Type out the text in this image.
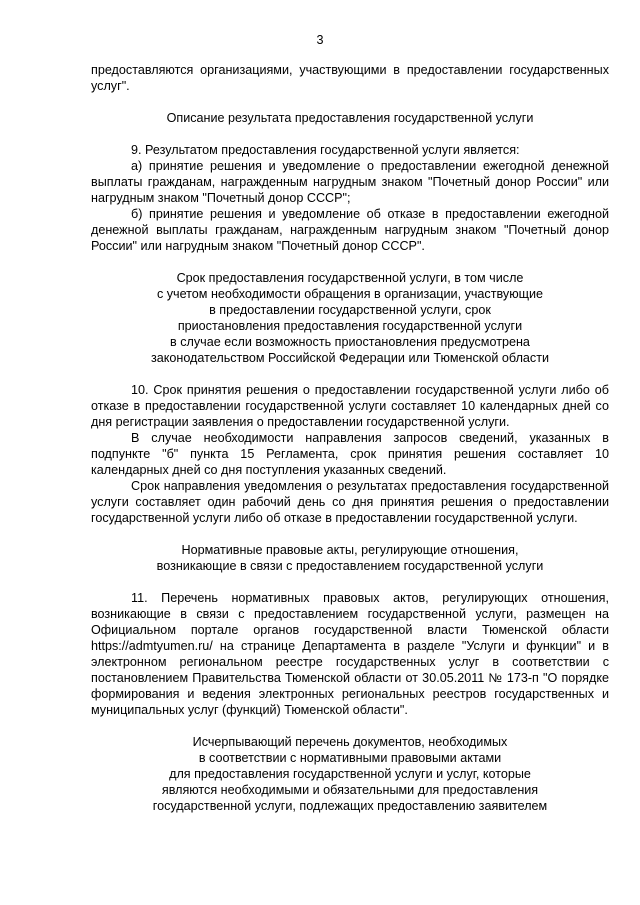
3
предоставляются организациями, участвующими в предоставлении государственных услуг".
Описание результата предоставления государственной услуги
9. Результатом предоставления государственной услуги является:
а) принятие решения и уведомление о предоставлении ежегодной денежной выплаты гражданам, награжденным нагрудным знаком "Почетный донор России" или нагрудным знаком "Почетный донор СССР";
б) принятие решения и уведомление об отказе в предоставлении ежегодной денежной выплаты гражданам, награжденным нагрудным знаком "Почетный донор России" или нагрудным знаком "Почетный донор СССР".
Срок предоставления государственной услуги, в том числе
с учетом необходимости обращения в организации, участвующие
в предоставлении государственной услуги, срок
приостановления предоставления государственной услуги
в случае если возможность приостановления предусмотрена
законодательством Российской Федерации или Тюменской области
10. Срок принятия решения о предоставлении государственной услуги либо об отказе в предоставлении государственной услуги составляет 10 календарных дней со дня регистрации заявления о предоставлении государственной услуги.
В случае необходимости направления запросов сведений, указанных в подпункте "б" пункта 15 Регламента, срок принятия решения составляет 10 календарных дней со дня поступления указанных сведений.
Срок направления уведомления о результатах предоставления государственной услуги составляет один рабочий день со дня принятия решения о предоставлении государственной услуги либо об отказе в предоставлении государственной услуги.
Нормативные правовые акты, регулирующие отношения,
возникающие в связи с предоставлением государственной услуги
11. Перечень нормативных правовых актов, регулирующих отношения, возникающие в связи с предоставлением государственной услуги, размещен на Официальном портале органов государственной власти Тюменской области https://admtyumen.ru/ на странице Департамента в разделе "Услуги и функции" и в электронном региональном реестре государственных услуг в соответствии с постановлением Правительства Тюменской области от 30.05.2011 № 173-п "О порядке формирования и ведения электронных региональных реестров государственных и муниципальных услуг (функций) Тюменской области".
Исчерпывающий перечень документов, необходимых
в соответствии с нормативными правовыми актами
для предоставления государственной услуги и услуг, которые
являются необходимыми и обязательными для предоставления
государственной услуги, подлежащих предоставлению заявителем
